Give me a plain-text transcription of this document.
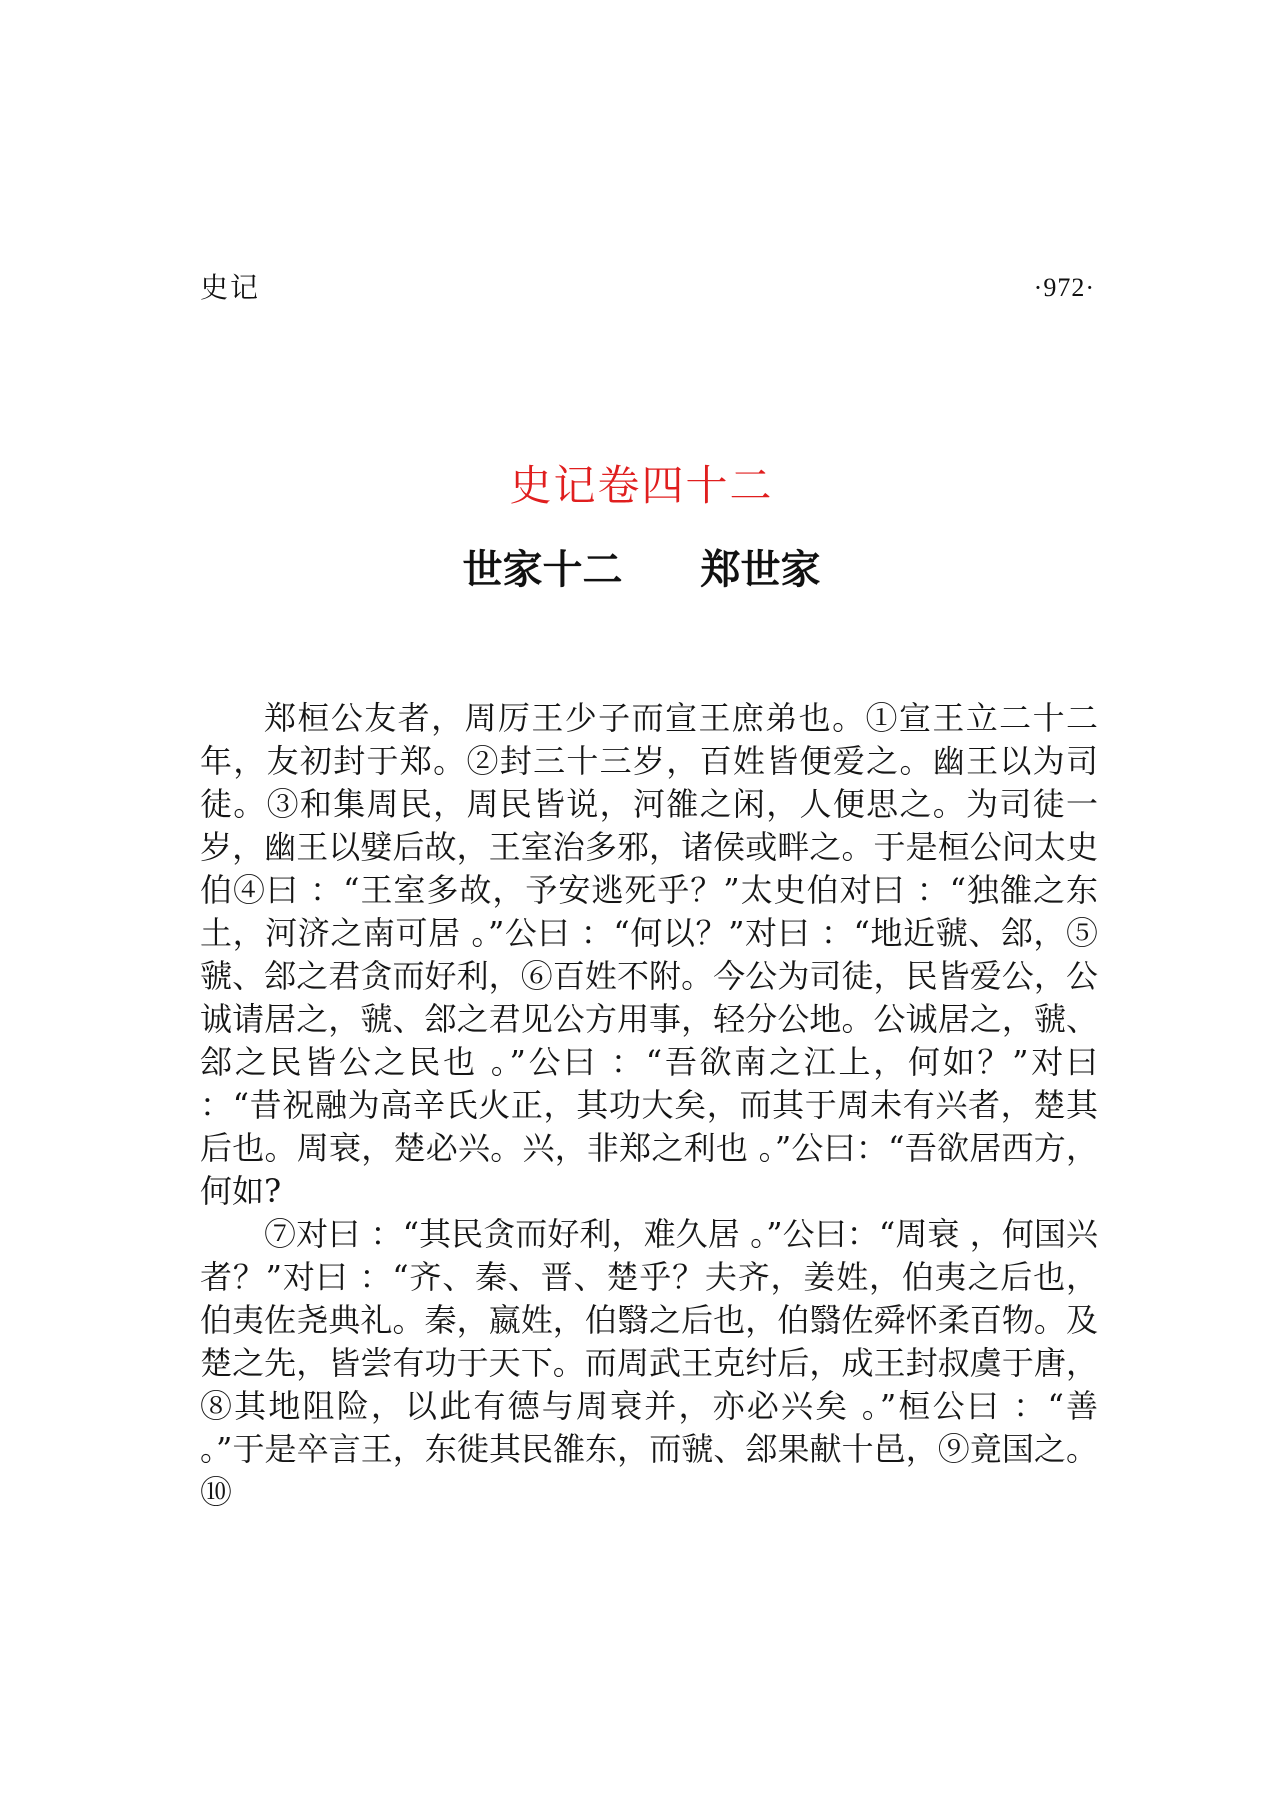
史记	·972·
史记卷四十二
世家十二 郑世家

郑桓公友者，周厉王少子而宣王庶弟也。①宣王立二十二年，友初封于郑。②封三十三岁，百姓皆便爱之。幽王以为司徒。③和集周民，周民皆说，河雒之闲，人便思之。为司徒一岁，幽王以嬖后故，王室治多邪，诸侯或畔之。于是桓公问太史伯④曰 ：“王室多故，予安逃死乎？”太史伯对曰 ：“独雒之东土，河济之南可居 。”公曰 ：“何以？”对曰 ：“地近虢、郐，⑤虢、郐之君贪而好利，⑥百姓不附。今公为司徒，民皆爱公，公诚请居之，虢、郐之君见公方用事，轻分公地。公诚居之，虢、郐之民皆公之民也 。”公曰 ：“吾欲南之江上，何如？”对曰 ：“昔祝融为高辛氏火正，其功大矣，而其于周未有兴者，楚其后也。周衰，楚必兴。兴，非郑之利也 。”公曰：“吾欲居西方，何如?

⑦对曰 ：“其民贪而好利，难久居 。”公曰：“周衰 ，何国兴者？”对曰 ：“齐、秦、晋、楚乎？夫齐，姜姓，伯夷之后也，伯夷佐尧典礼。秦，嬴姓，伯翳之后也，伯翳佐舜怀柔百物。及楚之先，皆尝有功于天下。而周武王克纣后，成王封叔虞于唐，⑧其地阻险，以此有德与周衰并，亦必兴矣 。”桓公曰 ：“善 。”于是卒言王，东徙其民雒东，而虢、郐果献十邑，⑨竟国之。⑩
